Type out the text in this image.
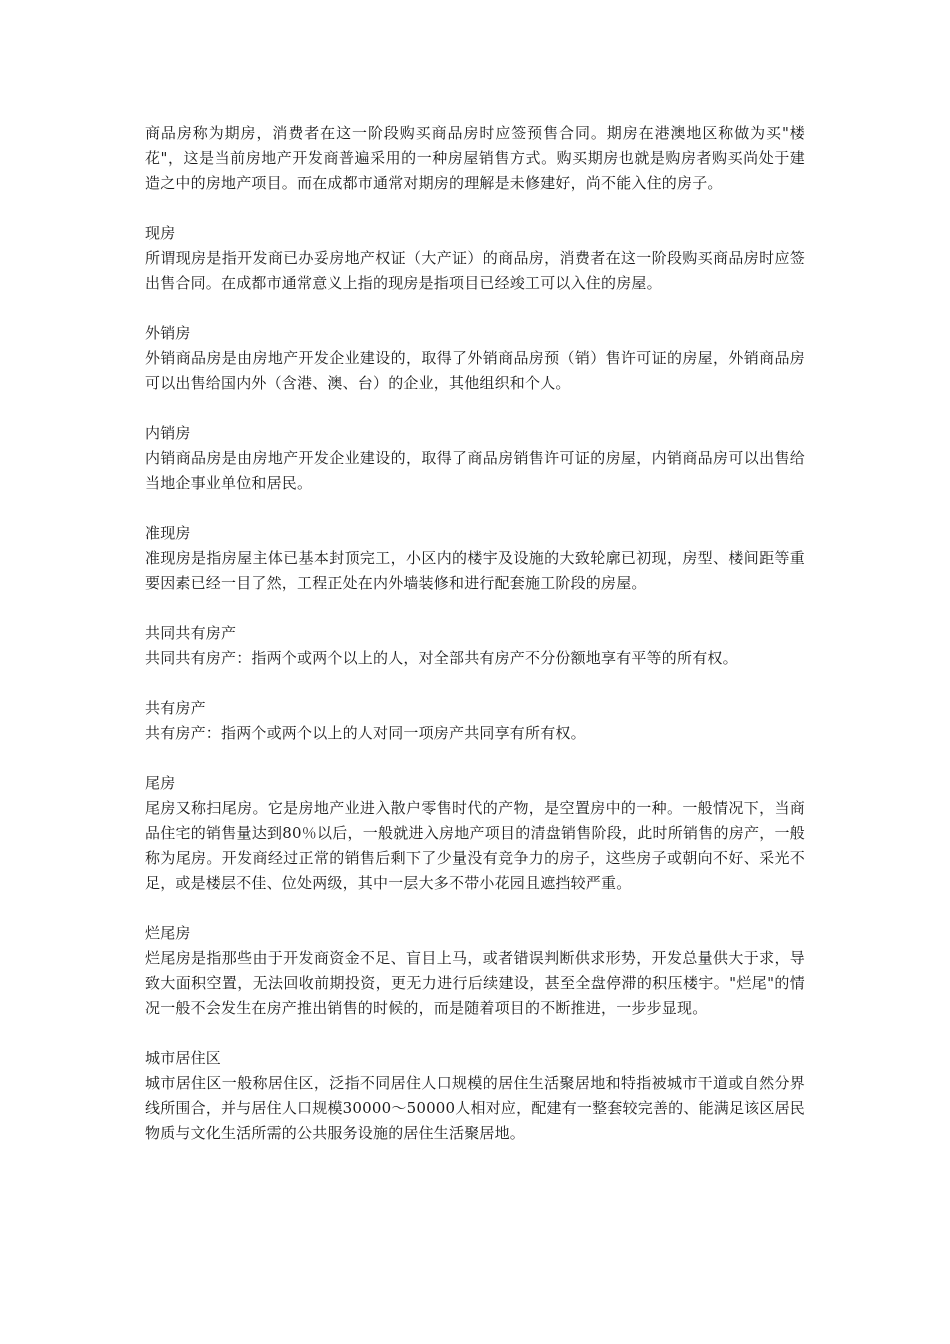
商品房称为期房，消费者在这一阶段购买商品房时应签预售合同。期房在港澳地区称做为买"楼花"，这是当前房地产开发商普遍采用的一种房屋销售方式。购买期房也就是购房者购买尚处于建造之中的房地产项目。而在成都市通常对期房的理解是未修建好，尚不能入住的房子。

现房

所谓现房是指开发商已办妥房地产权证（大产证）的商品房，消费者在这一阶段购买商品房时应签出售合同。在成都市通常意义上指的现房是指项目已经竣工可以入住的房屋。

外销房

外销商品房是由房地产开发企业建设的，取得了外销商品房预（销）售许可证的房屋，外销商品房可以出售给国内外（含港、澳、台）的企业，其他组织和个人。

内销房

内销商品房是由房地产开发企业建设的，取得了商品房销售许可证的房屋，内销商品房可以出售给当地企事业单位和居民。

准现房

准现房是指房屋主体已基本封顶完工，小区内的楼宇及设施的大致轮廓已初现，房型、楼间距等重要因素已经一目了然，工程正处在内外墙装修和进行配套施工阶段的房屋。

共同共有房产

共同共有房产：指两个或两个以上的人，对全部共有房产不分份额地享有平等的所有权。

共有房产

共有房产：指两个或两个以上的人对同一项房产共同享有所有权。

尾房

尾房又称扫尾房。它是房地产业进入散户零售时代的产物，是空置房中的一种。一般情况下，当商品住宅的销售量达到80％以后，一般就进入房地产项目的清盘销售阶段，此时所销售的房产，一般称为尾房。开发商经过正常的销售后剩下了少量没有竞争力的房子，这些房子或朝向不好、采光不足，或是楼层不佳、位处两级，其中一层大多不带小花园且遮挡较严重。

烂尾房

烂尾房是指那些由于开发商资金不足、盲目上马，或者错误判断供求形势，开发总量供大于求，导致大面积空置，无法回收前期投资，更无力进行后续建设，甚至全盘停滞的积压楼宇。"烂尾"的情况一般不会发生在房产推出销售的时候的，而是随着项目的不断推进，一步步显现。

城市居住区

城市居住区一般称居住区，泛指不同居住人口规模的居住生活聚居地和特指被城市干道或自然分界线所围合，并与居住人口规模30000～50000人相对应，配建有一整套较完善的、能满足该区居民物质与文化生活所需的公共服务设施的居住生活聚居地。
